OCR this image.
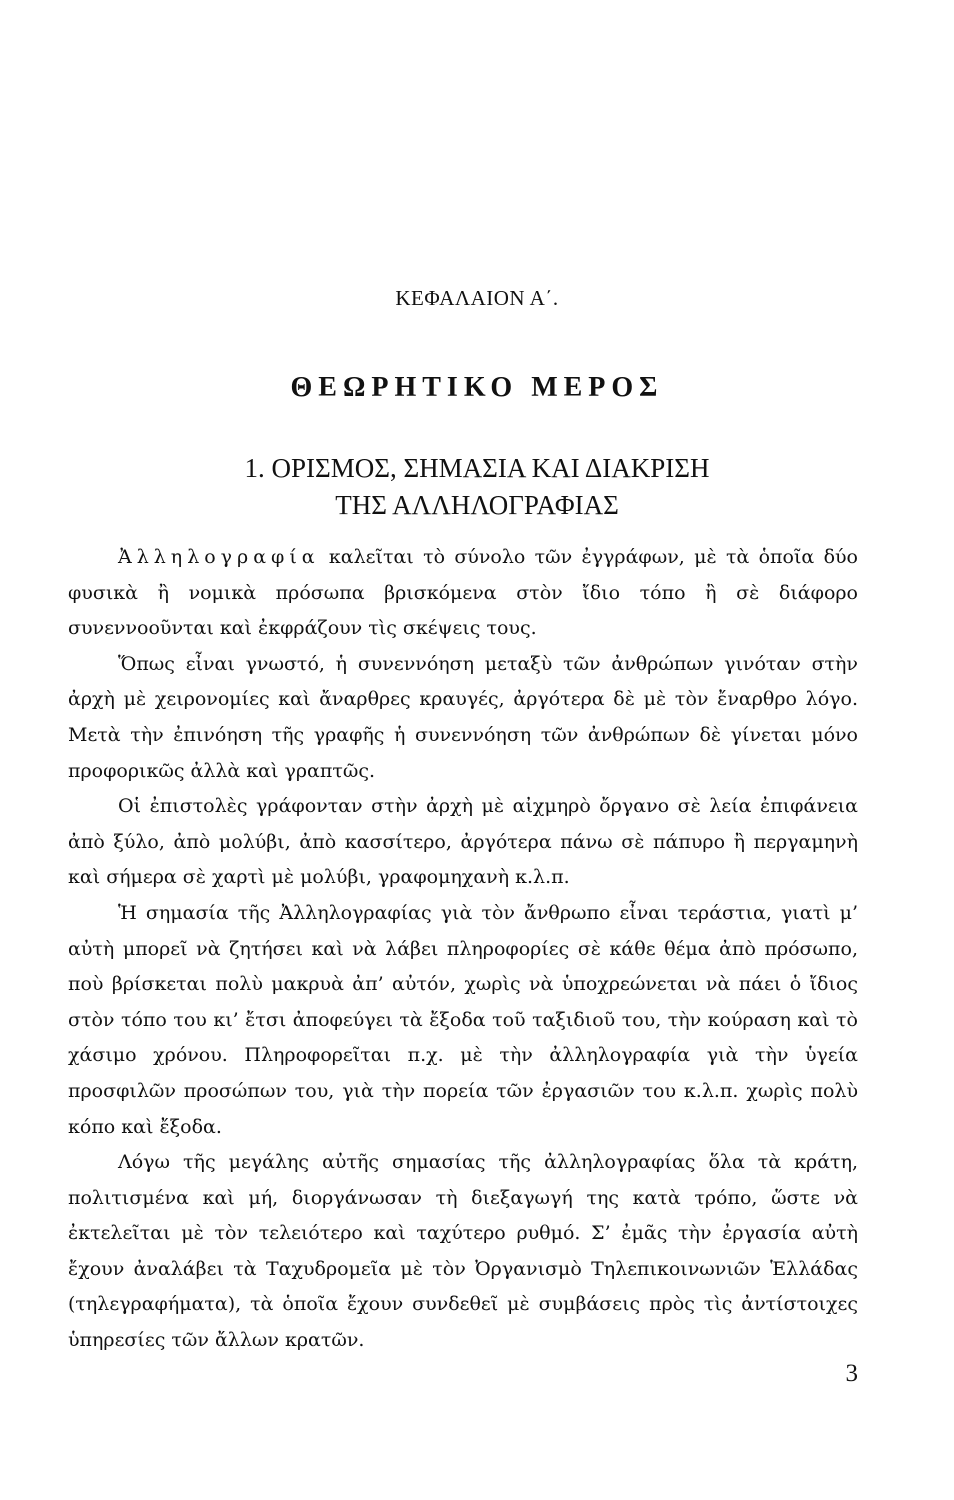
ΚΕΦΑΛΑΙΟΝ Α΄.
ΘΕΩΡΗΤΙΚΟ ΜΕΡΟΣ
1. ΟΡΙΣΜΟΣ, ΣΗΜΑΣΙΑ ΚΑΙ ΔΙΑΚΡΙΣΗ
ΤΗΣ ΑΛΛΗΛΟΓΡΑΦΙΑΣ

Ἀλληλογραφία καλεῖται τὸ σύνολο τῶν ἐγγράφων, μὲ τὰ ὁποῖα δύο φυσικὰ ἢ νομικὰ πρόσωπα βρισκόμενα στὸν ἴδιο τόπο ἢ σὲ διάφορο συνεννοοῦνται καὶ ἐκφράζουν τὶς σκέψεις τους.

Ὅπως εἶναι γνωστό, ἡ συνεννόηση μεταξὺ τῶν ἀνθρώπων γινόταν στὴν ἀρχὴ μὲ χειρονομίες καὶ ἄναρθρες κραυγές, ἀργότερα δὲ μὲ τὸν ἔναρθρο λόγο. Μετὰ τὴν ἐπινόηση τῆς γραφῆς ἡ συνεννόηση τῶν ἀνθρώπων δὲ γίνεται μόνο προφορικῶς ἀλλὰ καὶ γραπτῶς.

Οἱ ἐπιστολὲς γράφονταν στὴν ἀρχὴ μὲ αἰχμηρὸ ὄργανο σὲ λεία ἐπιφάνεια ἀπὸ ξύλο, ἀπὸ μολύβι, ἀπὸ κασσίτερο, ἀργότερα πάνω σὲ πάπυρο ἢ περγαμηνὴ καὶ σήμερα σὲ χαρτὶ μὲ μολύβι, γραφομηχανὴ κ.λ.π.

Ἡ σημασία τῆς Ἀλληλογραφίας γιὰ τὸν ἄνθρωπο εἶναι τεράστια, γιατὶ μ’ αὐτὴ μπορεῖ νὰ ζητήσει καὶ νὰ λάβει πληροφορίες σὲ κάθε θέμα ἀπὸ πρόσωπο, ποὺ βρίσκεται πολὺ μακρυὰ ἀπ’ αὐτόν, χωρὶς νὰ ὑποχρεώνεται νὰ πάει ὁ ἴδιος στὸν τόπο του κι’ ἔτσι ἀποφεύγει τὰ ἔξοδα τοῦ ταξιδιοῦ του, τὴν κούραση καὶ τὸ χάσιμο χρόνου. Πληροφορεῖται π.χ. μὲ τὴν ἀλληλογραφία γιὰ τὴν ὑγεία προσφιλῶν προσώπων του, γιὰ τὴν πορεία τῶν ἐργασιῶν του κ.λ.π. χωρὶς πολὺ κόπο καὶ ἔξοδα.

Λόγω τῆς μεγάλης αὐτῆς σημασίας τῆς ἀλληλογραφίας ὅλα τὰ κράτη, πολιτισμένα καὶ μή, διοργάνωσαν τὴ διεξαγωγή της κατὰ τρόπο, ὥστε νὰ ἐκτελεῖται μὲ τὸν τελειότερο καὶ ταχύτερο ρυθμό. Σ’ ἐμᾶς τὴν ἐργασία αὐτὴ ἔχουν ἀναλάβει τὰ Ταχυδρομεῖα μὲ τὸν Ὀργανισμὸ Τηλεπικοινωνιῶν Ἑλλάδας (τηλεγραφήματα), τὰ ὁποῖα ἔχουν συνδεθεῖ μὲ συμβάσεις πρὸς τὶς ἀντίστοιχες ὑπηρεσίες τῶν ἄλλων κρατῶν.

3
